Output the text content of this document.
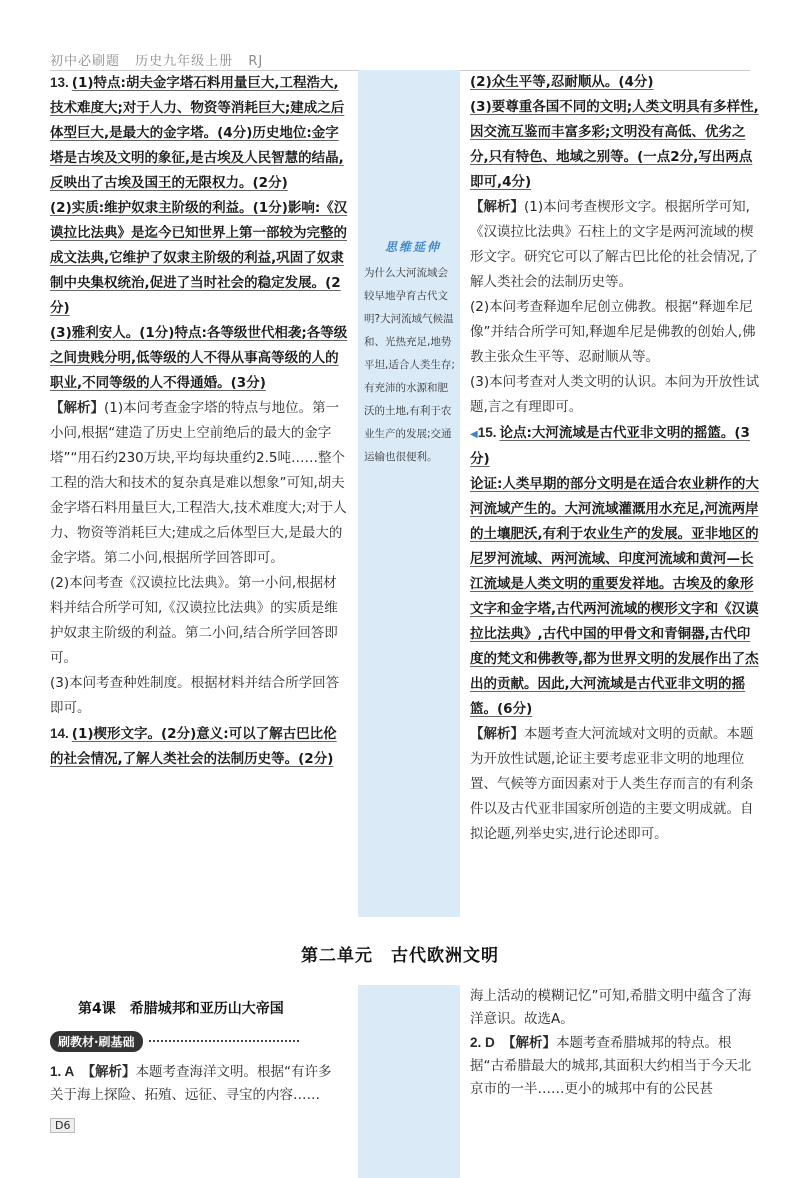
初中必刷题 历史九年级上册 RJ
思维延伸
为什么大河流域会较早地孕育古代文明?大河流域气候温和、光热充足,地势平坦,适合人类生存;有充沛的水源和肥沃的土地,有利于农业生产的发展;交通运输也很便利。

13. (1)特点:胡夫金字塔石料用量巨大,工程浩大,技术难度大;对于人力、物资等消耗巨大;建成之后体型巨大,是最大的金字塔。(4分)历史地位:金字塔是古埃及文明的象征,是古埃及人民智慧的结晶,反映出了古埃及国王的无限权力。(2分)

(2)实质:维护奴隶主阶级的利益。(1分)影响:《汉谟拉比法典》是迄今已知世界上第一部较为完整的成文法典,它维护了奴隶主阶级的利益,巩固了奴隶制中央集权统治,促进了当时社会的稳定发展。(2分)

(3)雅利安人。(1分)特点:各等级世代相袭;各等级之间贵贱分明,低等级的人不得从事高等级的人的职业,不同等级的人不得通婚。(3分)

【解析】(1)本问考查金字塔的特点与地位。第一小问,根据“建造了历史上空前绝后的最大的金字塔”“用石约230万块,平均每块重约2.5吨……整个工程的浩大和技术的复杂真是难以想象”可知,胡夫金字塔石料用量巨大,工程浩大,技术难度大;对于人力、物资等消耗巨大;建成之后体型巨大,是最大的金字塔。第二小问,根据所学回答即可。

(2)本问考查《汉谟拉比法典》。第一小问,根据材料并结合所学可知,《汉谟拉比法典》的实质是维护奴隶主阶级的利益。第二小问,结合所学回答即可。

(3)本问考查种姓制度。根据材料并结合所学回答即可。

14. (1)楔形文字。(2分)意义:可以了解古巴比伦的社会情况,了解人类社会的法制历史等。(2分)

(2)众生平等,忍耐顺从。(4分)

(3)要尊重各国不同的文明;人类文明具有多样性,因交流互鉴而丰富多彩;文明没有高低、优劣之分,只有特色、地域之别等。(一点2分,写出两点即可,4分)

【解析】(1)本问考查楔形文字。根据所学可知,《汉谟拉比法典》石柱上的文字是两河流域的楔形文字。研究它可以了解古巴比伦的社会情况,了解人类社会的法制历史等。

(2)本问考查释迦牟尼创立佛教。根据“释迦牟尼像”并结合所学可知,释迦牟尼是佛教的创始人,佛教主张众生平等、忍耐顺从等。

(3)本问考查对人类文明的认识。本问为开放性试题,言之有理即可。

◀15. 论点:大河流域是古代亚非文明的摇篮。(3分)

论证:人类早期的部分文明是在适合农业耕作的大河流域产生的。大河流域灌溉用水充足,河流两岸的土壤肥沃,有利于农业生产的发展。亚非地区的尼罗河流域、两河流域、印度河流域和黄河—长江流域是人类文明的重要发祥地。古埃及的象形文字和金字塔,古代两河流域的楔形文字和《汉谟拉比法典》,古代中国的甲骨文和青铜器,古代印度的梵文和佛教等,都为世界文明的发展作出了杰出的贡献。因此,大河流域是古代亚非文明的摇篮。(6分)

【解析】本题考查大河流域对文明的贡献。本题为开放性试题,论证主要考虑亚非文明的地理位置、气候等方面因素对于人类生存而言的有利条件以及古代亚非国家所创造的主要文明成就。自拟论题,列举史实,进行论述即可。

第二单元　古代欧洲文明
第4课　希腊城邦和亚历山大帝国
刷教材·刷基础
1. A 【解析】本题考查海洋文明。根据“有许多关于海上探险、拓殖、远征、寻宝的内容……

海上活动的模糊记忆”可知,希腊文明中蕴含了海洋意识。故选A。

2. D 【解析】本题考查希腊城邦的特点。根据“古希腊最大的城邦,其面积大约相当于今天北京市的一半……更小的城邦中有的公民甚

D6
